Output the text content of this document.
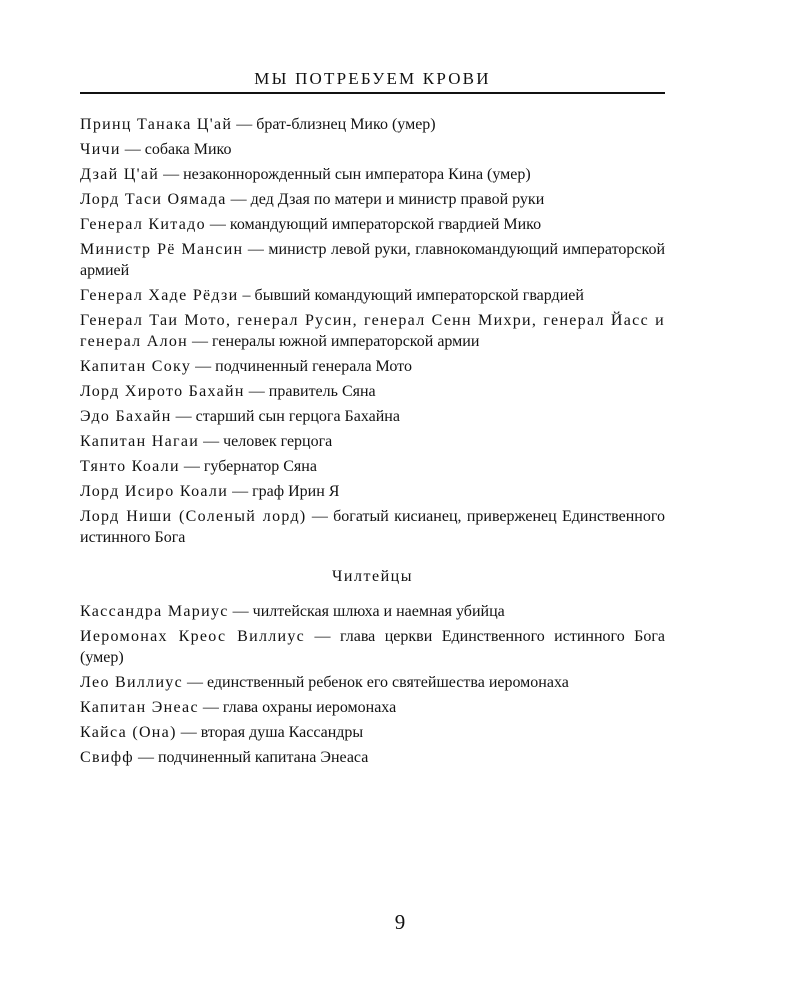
МЫ ПОТРЕБУЕМ КРОВИ

Принц Танака Ц'ай — брат-близнец Мико (умер)

Чичи — собака Мико

Дзай Ц'ай — незаконнорожденный сын императора Кина (умер)

Лорд Таси Оямада — дед Дзая по матери и министр правой руки

Генерал Китадо — командующий императорской гвардией Мико

Министр Рё Мансин — министр левой руки, главнокомандующий императорской армией

Генерал Хаде Рёдзи – бывший командующий императорской гвардией

Генерал Таи Мото, генерал Русин, генерал Сенн Михри, генерал Йасс и генерал Алон — генералы южной императорской армии

Капитан Соку — подчиненный генерала Мото

Лорд Хирото Бахайн — правитель Сяна

Эдо Бахайн — старший сын герцога Бахайна

Капитан Нагаи — человек герцога

Тянто Коали — губернатор Сяна

Лорд Исиро Коали — граф Ирин Я

Лорд Ниши (Соленый лорд) — богатый кисианец, приверженец Единственного истинного Бога

Чилтейцы

Кассандра Мариус — чилтейская шлюха и наемная убийца

Иеромонах Креос Виллиус — глава церкви Единственного истинного Бога (умер)

Лео Виллиус — единственный ребенок его святейшества иеромонаха

Капитан Энеас — глава охраны иеромонаха

Кайса (Она) — вторая душа Кассандры

Свифф — подчиненный капитана Энеаса

9
